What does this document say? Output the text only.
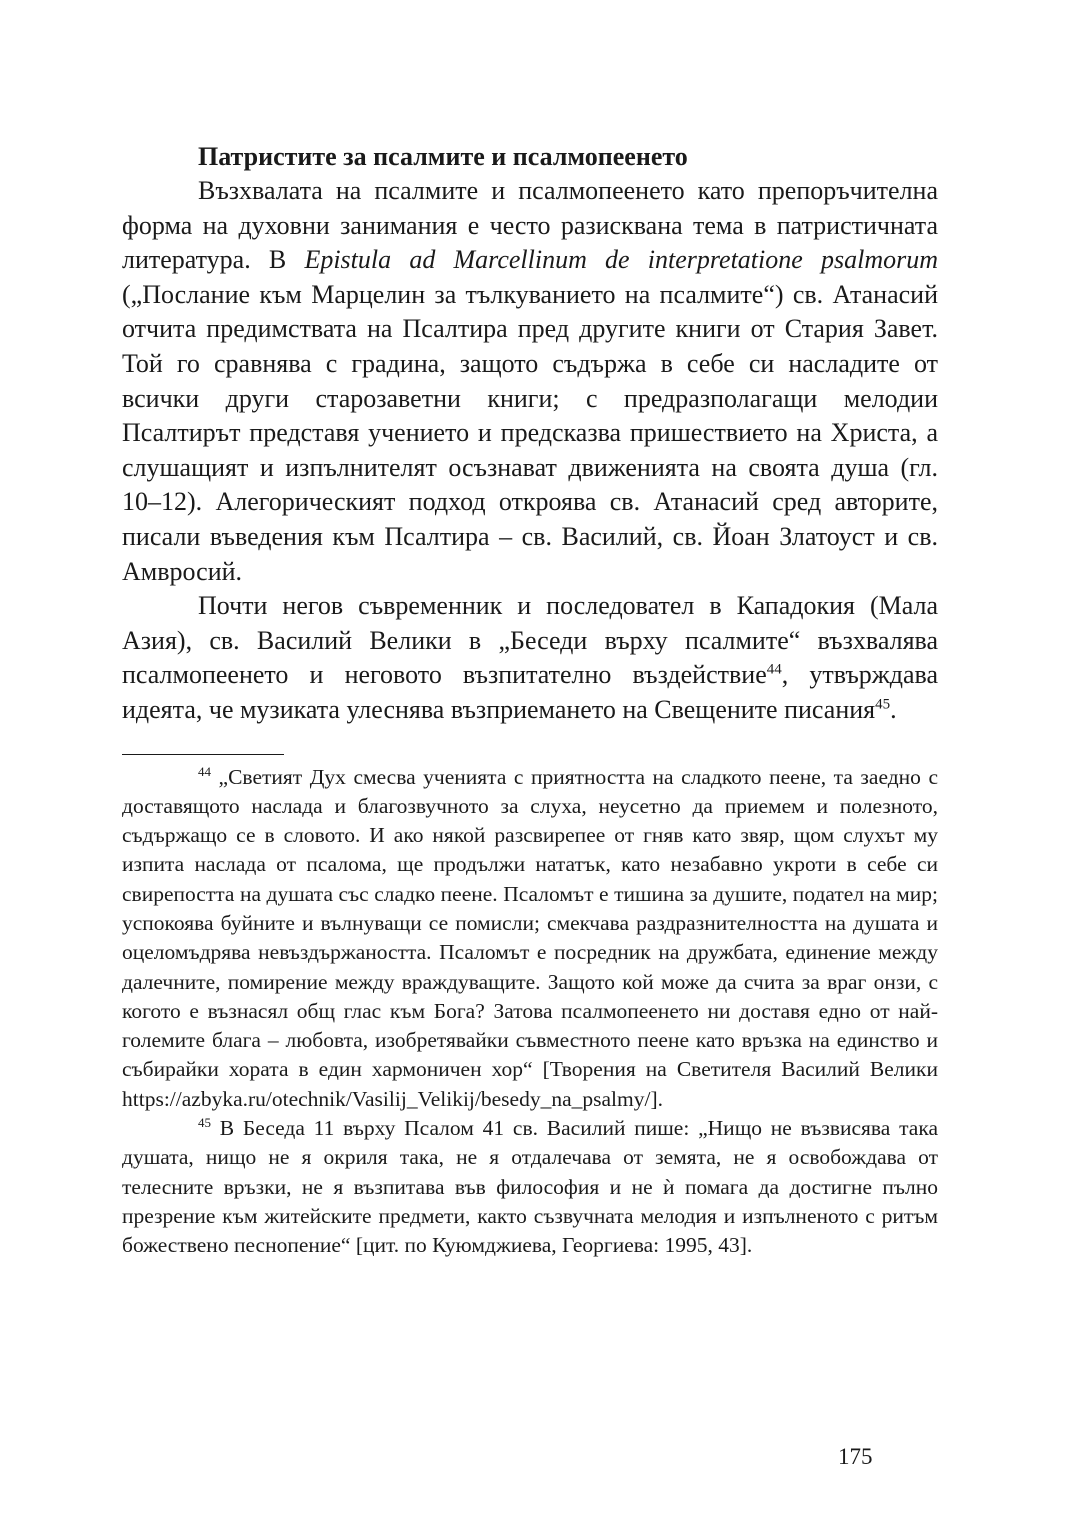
Патристите за псалмите и псалмопеенето

Възхвалата на псалмите и псалмопеенето като препоръчителна форма на духовни занимания е често разисквана тема в патристичната литература. В Epistula ad Marcellinum de interpretatione psalmorum („Послание към Марцелин за тълкуванието на псалмите“) св. Атанасий отчита предимствата на Псалтира пред другите книги от Стария Завет. Той го сравнява с градина, защото съдържа в себе си насладите от всички други старозаветни книги; с предразполагащи мелодии Псалтирът представя учението и предсказва пришествието на Христа, а слушащият и изпълнителят осъзнават движенията на своята душа (гл. 10–12). Алегорическият подход откроява св. Атанасий сред авторите, писали въведения към Псалтира – св. Василий, св. Йоан Златоуст и св. Амвросий.

Почти негов съвременник и последовател в Кападокия (Мала Азия), св. Василий Велики в „Беседи върху псалмите“ възхвалява псалмопеенето и неговото възпитателно въздействие$^{44}$, утвърждава идеята, че музиката улеснява възприемането на Свещените писания$^{45}$.

$^{44}$ „Светият Дух смесва ученията с приятността на сладкото пеене, та заедно с доставящото наслада и благозвучното за слуха, неусетно да приемем и полезното, съдържащо се в словото. И ако някой разсвирепее от гняв като звяр, щом слухът му изпита наслада от псалома, ще продължи нататък, като незабавно укроти в себе си свирепостта на душата със сладко пеене. Псаломът е тишина за душите, подател на мир; успокоява буйните и вълнуващи се помисли; смекчава раздразнителността на душата и оцеломъдрява невъздържаността. Псаломът е посредник на дружбата, единение между далечните, помирение между враждуващите. Защото кой може да счита за враг онзи, с когото е възнасял общ глас към Бога? Затова псалмопеенето ни доставя едно от най-големите блага – любовта, изобретявайки съвместното пеене като връзка на единство и събирайки хората в един хармоничен хор“ [Творения на Светителя Василий Велики https://azbyka.ru/​otechnik/​Vasilij_​Velikij/​besedy_​na_​psalmy/].

$^{45}$ В Беседа 11 върху Псалом 41 св. Василий пише: „Нищо не възвисява така душата, нищо не я окриля така, не я отдалечава от земята, не я освобождава от телесните връзки, не я възпитава във философия и не ѝ помага да достигне пълно презрение към житейските предмети, както съзвучната мелодия и изпълненото с ритъм божествено песнопение“ [цит. по Куюмджиева, Георгиева: 1995, 43].

175
